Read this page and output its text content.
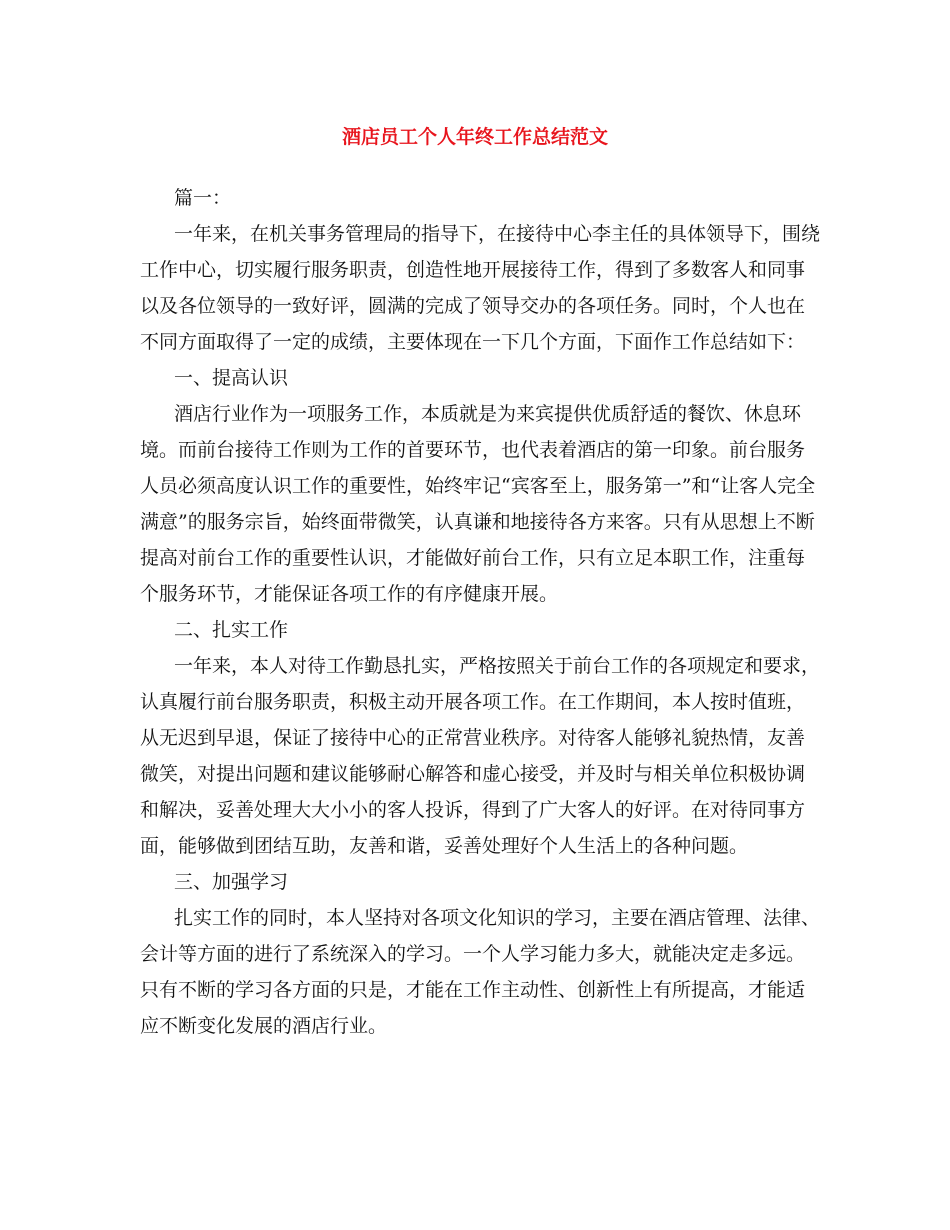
酒店员工个人年终工作总结范文

篇一：

一年来，在机关事务管理局的指导下，在接待中心李主任的具体领导下，围绕工作中心，切实履行服务职责，创造性地开展接待工作，得到了多数客人和同事以及各位领导的一致好评，圆满的完成了领导交办的各项任务。同时，个人也在不同方面取得了一定的成绩，主要体现在一下几个方面，下面作工作总结如下：

一、提高认识

酒店行业作为一项服务工作，本质就是为来宾提供优质舒适的餐饮、休息环境。而前台接待工作则为工作的首要环节，也代表着酒店的第一印象。前台服务人员必须高度认识工作的重要性，始终牢记“宾客至上，服务第一”和“让客人完全满意”的服务宗旨，始终面带微笑，认真谦和地接待各方来客。只有从思想上不断提高对前台工作的重要性认识，才能做好前台工作，只有立足本职工作，注重每个服务环节，才能保证各项工作的有序健康开展。

二、扎实工作

一年来，本人对待工作勤恳扎实，严格按照关于前台工作的各项规定和要求，认真履行前台服务职责，积极主动开展各项工作。在工作期间，本人按时值班，从无迟到早退，保证了接待中心的正常营业秩序。对待客人能够礼貌热情，友善微笑，对提出问题和建议能够耐心解答和虚心接受，并及时与相关单位积极协调和解决，妥善处理大大小小的客人投诉，得到了广大客人的好评。在对待同事方面，能够做到团结互助，友善和谐，妥善处理好个人生活上的各种问题。

三、加强学习

扎实工作的同时，本人坚持对各项文化知识的学习，主要在酒店管理、法律、会计等方面的进行了系统深入的学习。一个人学习能力多大，就能决定走多远。只有不断的学习各方面的只是，才能在工作主动性、创新性上有所提高，才能适应不断变化发展的酒店行业。
